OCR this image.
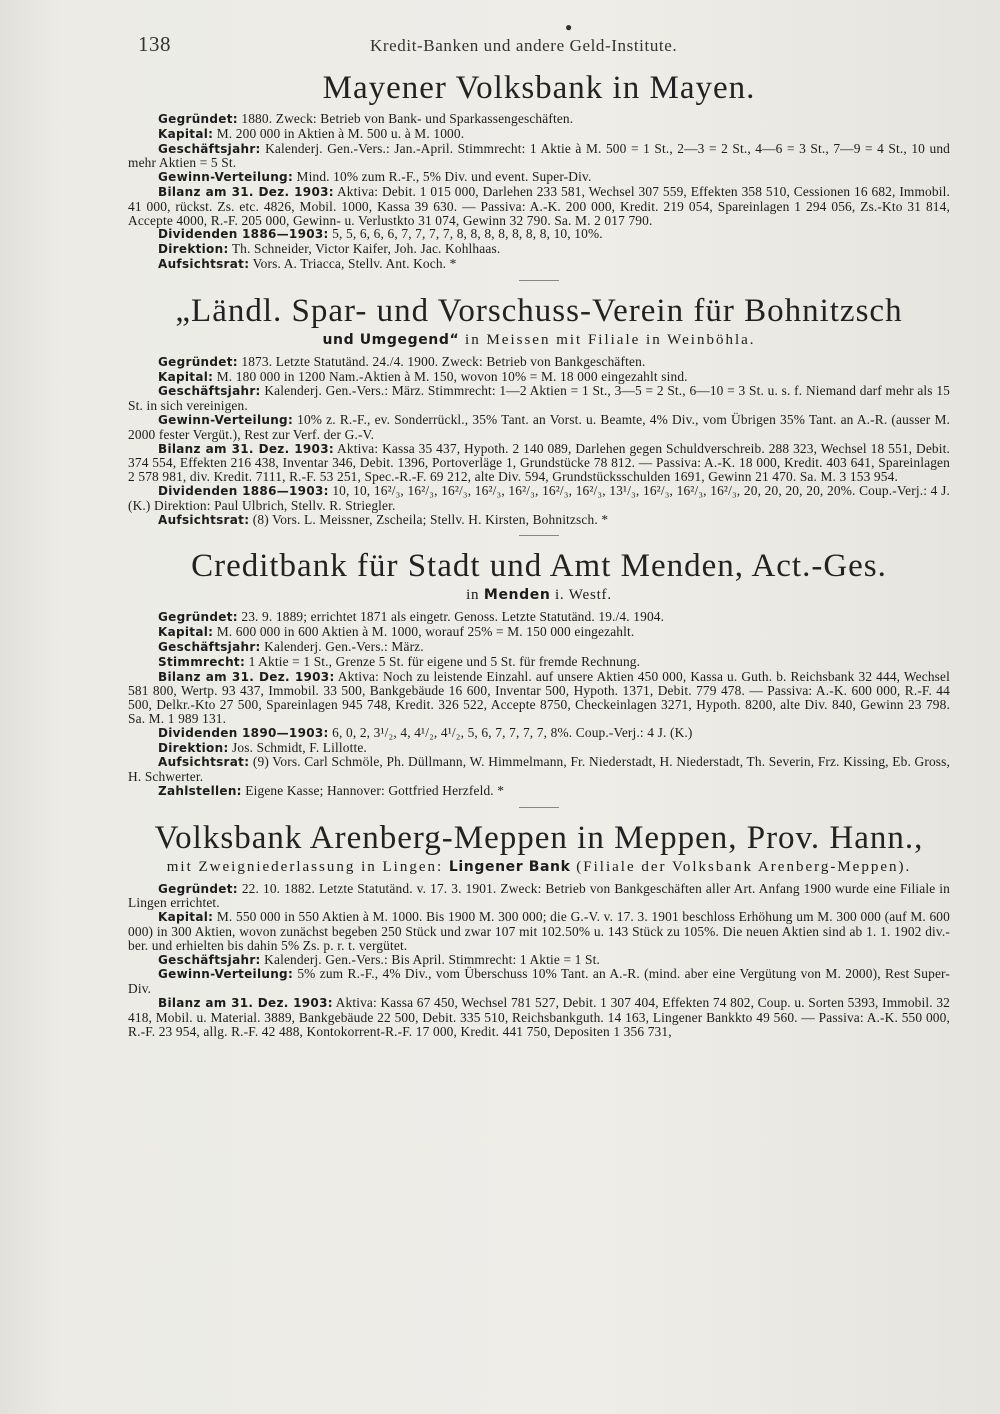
138
●
Kredit-Banken und andere Geld-Institute.
Mayener Volksbank in Mayen.

Gegründet: 1880. Zweck: Betrieb von Bank- und Sparkassengeschäften.

Kapital: M. 200 000 in Aktien à M. 500 u. à M. 1000.

Geschäftsjahr: Kalenderj. Gen.-Vers.: Jan.-April. Stimmrecht: 1 Aktie à M. 500 = 1 St., 2—3 = 2 St., 4—6 = 3 St., 7—9 = 4 St., 10 und mehr Aktien = 5 St.

Gewinn-Verteilung: Mind. 10% zum R.-F., 5% Div. und event. Super-Div.

Bilanz am 31. Dez. 1903: Aktiva: Debit. 1 015 000, Darlehen 233 581, Wechsel 307 559, Effekten 358 510, Cessionen 16 682, Immobil. 41 000, rückst. Zs. etc. 4826, Mobil. 1000, Kassa 39 630. — Passiva: A.-K. 200 000, Kredit. 219 054, Spareinlagen 1 294 056, Zs.-Kto 31 814, Accepte 4000, R.-F. 205 000, Gewinn- u. Verlustkto 31 074, Gewinn 32 790. Sa. M. 2 017 790.

Dividenden 1886—1903: 5, 5, 6, 6, 6, 7, 7, 7, 7, 8, 8, 8, 8, 8, 8, 8, 10, 10%.

Direktion: Th. Schneider, Victor Kaifer, Joh. Jac. Kohlhaas.

Aufsichtsrat: Vors. A. Triacca, Stellv. Ant. Koch. *

„Ländl. Spar- und Vorschuss-Verein für Bohnitzsch

und Umgegend“ in Meissen mit Filiale in Weinböhla.

Gegründet: 1873. Letzte Statutänd. 24./4. 1900. Zweck: Betrieb von Bankgeschäften.

Kapital: M. 180 000 in 1200 Nam.-Aktien à M. 150, wovon 10% = M. 18 000 eingezahlt sind.

Geschäftsjahr: Kalenderj. Gen.-Vers.: März. Stimmrecht: 1—2 Aktien = 1 St., 3—5 = 2 St., 6—10 = 3 St. u. s. f. Niemand darf mehr als 15 St. in sich vereinigen.

Gewinn-Verteilung: 10% z. R.-F., ev. Sonderrückl., 35% Tant. an Vorst. u. Beamte, 4% Div., vom Übrigen 35% Tant. an A.-R. (ausser M. 2000 fester Vergüt.), Rest zur Verf. der G.-V.

Bilanz am 31. Dez. 1903: Aktiva: Kassa 35 437, Hypoth. 2 140 089, Darlehen gegen Schuldverschreib. 288 323, Wechsel 18 551, Debit. 374 554, Effekten 216 438, Inventar 346, Debit. 1396, Portoverläge 1, Grundstücke 78 812. — Passiva: A.-K. 18 000, Kredit. 403 641, Spareinlagen 2 578 981, div. Kredit. 7111, R.-F. 53 251, Spec.-R.-F. 69 212, alte Div. 594, Grundstücksschulden 1691, Gewinn 21 470. Sa. M. 3 153 954.

Dividenden 1886—1903: 10, 10, 16²/₃, 16²/₃, 16²/₃, 16²/₃, 16²/₃, 16²/₃, 16²/₃, 13¹/₃, 16²/₃, 16²/₃, 16²/₃, 20, 20, 20, 20, 20%. Coup.-Verj.: 4 J. (K.) Direktion: Paul Ulbrich, Stellv. R. Striegler.

Aufsichtsrat: (8) Vors. L. Meissner, Zscheila; Stellv. H. Kirsten, Bohnitzsch. *

Creditbank für Stadt und Amt Menden, Act.-Ges.

in Menden i. Westf.

Gegründet: 23. 9. 1889; errichtet 1871 als eingetr. Genoss. Letzte Statutänd. 19./4. 1904.

Kapital: M. 600 000 in 600 Aktien à M. 1000, worauf 25% = M. 150 000 eingezahlt.

Geschäftsjahr: Kalenderj. Gen.-Vers.: März.

Stimmrecht: 1 Aktie = 1 St., Grenze 5 St. für eigene und 5 St. für fremde Rechnung.

Bilanz am 31. Dez. 1903: Aktiva: Noch zu leistende Einzahl. auf unsere Aktien 450 000, Kassa u. Guth. b. Reichsbank 32 444, Wechsel 581 800, Wertp. 93 437, Immobil. 33 500, Bankgebäude 16 600, Inventar 500, Hypoth. 1371, Debit. 779 478. — Passiva: A.-K. 600 000, R.-F. 44 500, Delkr.-Kto 27 500, Spareinlagen 945 748, Kredit. 326 522, Accepte 8750, Checkeinlagen 3271, Hypoth. 8200, alte Div. 840, Gewinn 23 798. Sa. M. 1 989 131.

Dividenden 1890—1903: 6, 0, 2, 3¹/₂, 4, 4¹/₂, 4¹/₂, 5, 6, 7, 7, 7, 7, 8%. Coup.-Verj.: 4 J. (K.)

Direktion: Jos. Schmidt, F. Lillotte.

Aufsichtsrat: (9) Vors. Carl Schmöle, Ph. Düllmann, W. Himmelmann, Fr. Niederstadt, H. Niederstadt, Th. Severin, Frz. Kissing, Eb. Gross, H. Schwerter.

Zahlstellen: Eigene Kasse; Hannover: Gottfried Herzfeld. *

Volksbank Arenberg-Meppen in Meppen, Prov. Hann.,

mit Zweigniederlassung in Lingen: Lingener Bank (Filiale der Volksbank Arenberg-Meppen).

Gegründet: 22. 10. 1882. Letzte Statutänd. v. 17. 3. 1901. Zweck: Betrieb von Bankgeschäften aller Art. Anfang 1900 wurde eine Filiale in Lingen errichtet.

Kapital: M. 550 000 in 550 Aktien à M. 1000. Bis 1900 M. 300 000; die G.-V. v. 17. 3. 1901 beschloss Erhöhung um M. 300 000 (auf M. 600 000) in 300 Aktien, wovon zunächst begeben 250 Stück und zwar 107 mit 102.50% u. 143 Stück zu 105%. Die neuen Aktien sind ab 1. 1. 1902 div.-ber. und erhielten bis dahin 5% Zs. p. r. t. vergütet.

Geschäftsjahr: Kalenderj. Gen.-Vers.: Bis April. Stimmrecht: 1 Aktie = 1 St.

Gewinn-Verteilung: 5% zum R.-F., 4% Div., vom Überschuss 10% Tant. an A.-R. (mind. aber eine Vergütung von M. 2000), Rest Super-Div.

Bilanz am 31. Dez. 1903: Aktiva: Kassa 67 450, Wechsel 781 527, Debit. 1 307 404, Effekten 74 802, Coup. u. Sorten 5393, Immobil. 32 418, Mobil. u. Material. 3889, Bankgebäude 22 500, Debit. 335 510, Reichsbankguth. 14 163, Lingener Bankkto 49 560. — Passiva: A.-K. 550 000, R.-F. 23 954, allg. R.-F. 42 488, Kontokorrent-R.-F. 17 000, Kredit. 441 750, Depositen 1 356 731,
